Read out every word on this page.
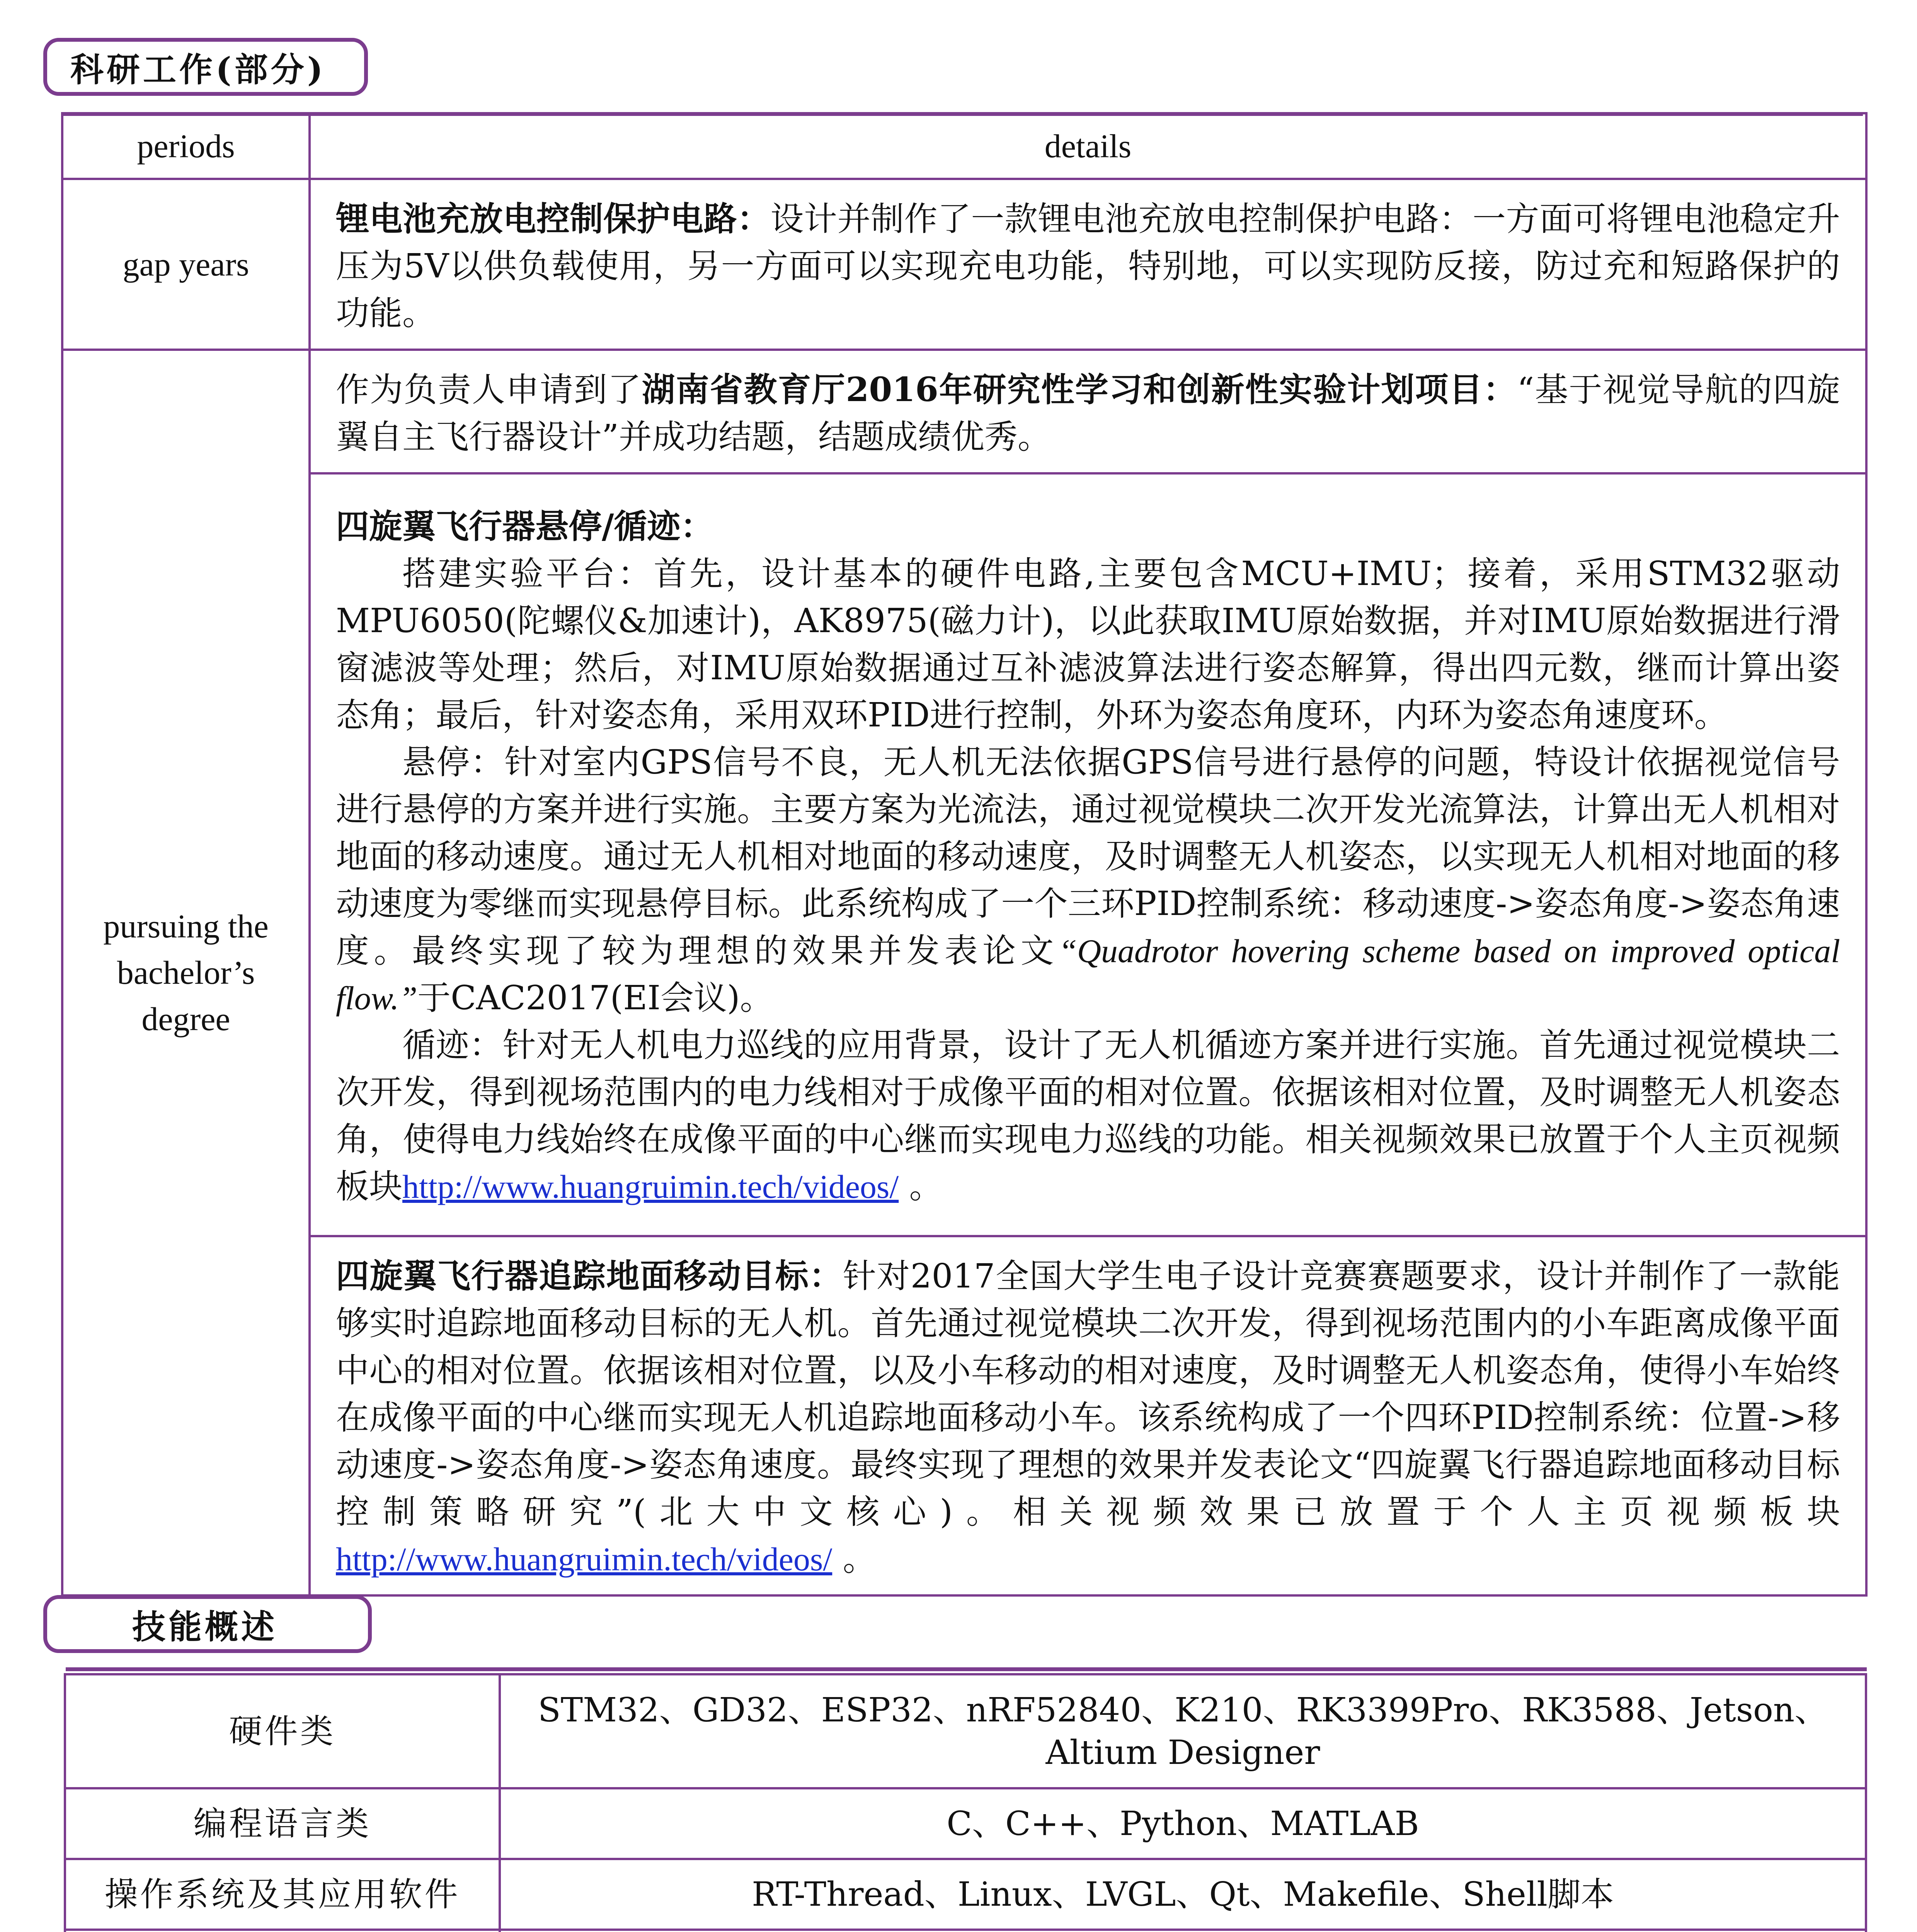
科研工作(部分)
periods	details
gap years	锂电池充放电控制保护电路：设计并制作了一款锂电池充放电控制保护电路：一方面可将锂电池稳定升压为5V以供负载使用，另一方面可以实现充电功能，特别地，可以实现防反接，防过充和短路保护的功能。

pursuing the
bachelor’s
degree	作为负责人申请到了湖南省教育厅2016年研究性学习和创新性实验计划项目：“基于视觉导航的四旋翼自主飞行器设计”并成功结题，结题成绩优秀。

	四旋翼飞行器悬停/循迹：

搭建实验平台：首先，设计基本的硬件电路,主要包含MCU+IMU；接着，采用STM32驱动MPU6050(陀螺仪&加速计)，AK8975(磁力计)，以此获取IMU原始数据，并对IMU原始数据进行滑窗滤波等处理；然后，对IMU原始数据通过互补滤波算法进行姿态解算，得出四元数，继而计算出姿态角；最后，针对姿态角，采用双环PID进行控制，外环为姿态角度环，内环为姿态角速度环。

悬停：针对室内GPS信号不良，无人机无法依据GPS信号进行悬停的问题，特设计依据视觉信号进行悬停的方案并进行实施。主要方案为光流法，通过视觉模块二次开发光流算法，计算出无人机相对地面的移动速度。通过无人机相对地面的移动速度，及时调整无人机姿态，以实现无人机相对地面的移动速度为零继而实现悬停目标。此系统构成了一个三环PID控制系统：移动速度->姿态角度->姿态角速度。最终实现了较为理想的效果并发表论文“Quadrotor hovering scheme based on improved optical flow.”于CAC2017(EI会议)。

循迹：针对无人机电力巡线的应用背景，设计了无人机循迹方案并进行实施。首先通过视觉模块二次开发，得到视场范围内的电力线相对于成像平面的相对位置。依据该相对位置，及时调整无人机姿态角，使得电力线始终在成像平面的中心继而实现电力巡线的功能。相关视频效果已放置于个人主页视频板块http://www.huangruimin.tech/videos/ 。

	四旋翼飞行器追踪地面移动目标：针对2017全国大学生电子设计竞赛赛题要求，设计并制作了一款能够实时追踪地面移动目标的无人机。首先通过视觉模块二次开发，得到视场范围内的小车距离成像平面中心的相对位置。依据该相对位置，以及小车移动的相对速度，及时调整无人机姿态角，使得小车始终在成像平面的中心继而实现无人机追踪地面移动小车。该系统构成了一个四环PID控制系统：位置->移动速度->姿态角度->姿态角速度。最终实现了理想的效果并发表论文“四旋翼飞行器追踪地面移动目标控制策略研究”(北大中文核心)。相关视频效果已放置于个人主页视频板块http://www.huangruimin.tech/videos/ 。

技能概述
硬件类	STM32、GD32、ESP32、nRF52840、K210、RK3399Pro、RK3588、Jetson、
Altium Designer
编程语言类	C、C++、Python、MATLAB
操作系统及其应用软件	RT-Thread、Linux、LVGL、Qt、Makefile、Shell脚本
